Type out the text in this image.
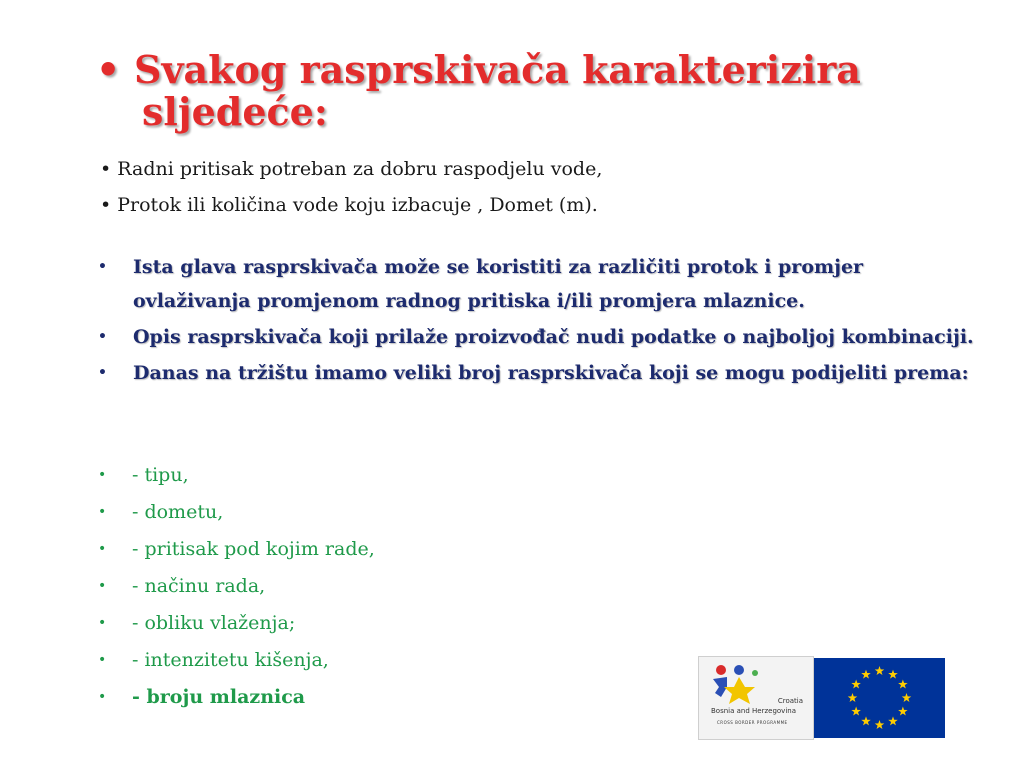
• Svakog rasprskivača karakterizira
sljedeće:
• Radni pritisak potreban za dobru raspodjelu vode,
• Protok ili količina vode koju izbacuje , Domet (m).
• Ista glava rasprskivača može se koristiti za različiti protok i promjer ovlaživanja promjenom radnog pritiska i/ili promjera mlaznice.
• Opis rasprskivača koji prilaže proizvođač nudi podatke o najboljoj kombinaciji.
• Danas na tržištu imamo veliki broj rasprskivača koji se mogu podijeliti prema:
• - tipu,
• - dometu,
• - pritisak pod kojim rade,
• - načinu rada,
• - obliku vlaženja;
• - intenzitetu kišenja,
• - broju mlaznica	Croatia
Bosnia and Herzegovina
CROSS BORDER PROGRAMME
